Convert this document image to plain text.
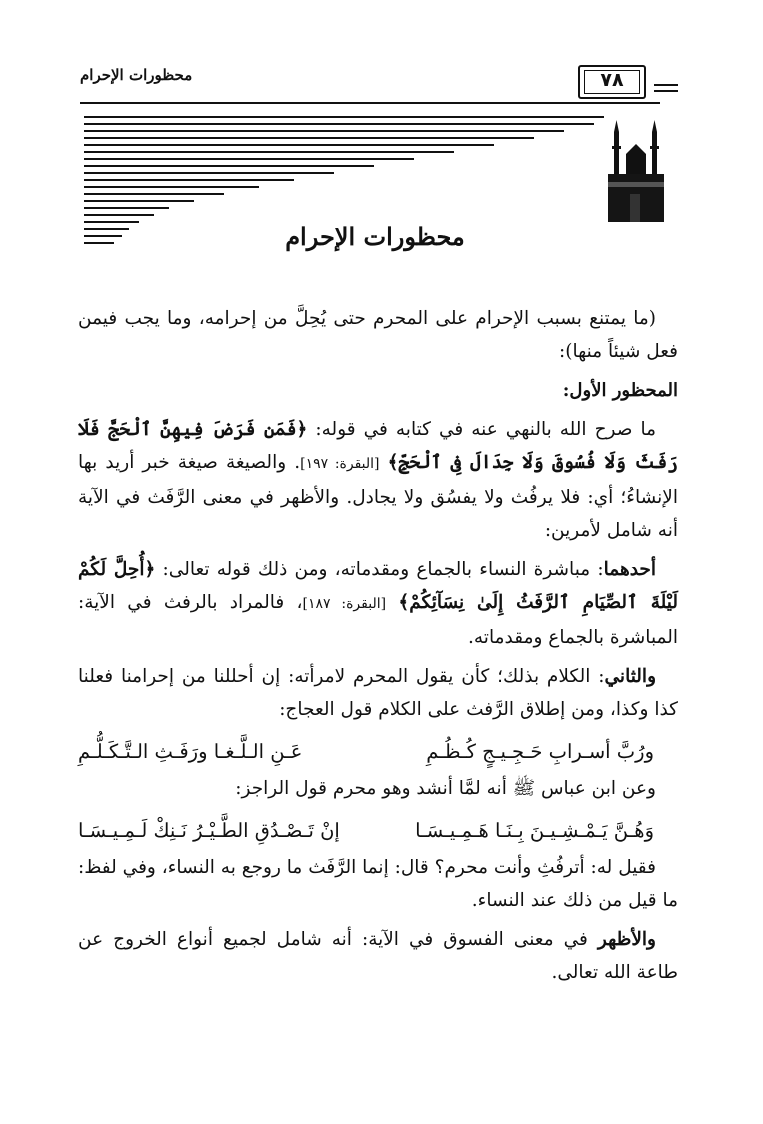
محظورات الإحرام	٧٨
محظورات الإحرام

(ما يمتنع بسبب الإحرام على المحرم حتى يُحِلَّ من إحرامه، وما يجب فيمن فعل شيئاً منها):

المحظور الأول:

ما صرح الله بالنهي عنه في كتابه في قوله: ﴿فَمَن فَرَضَ فِيهِنَّ ٱلْحَجَّ فَلَا رَفَثَ وَلَا فُسُوقَ وَلَا جِدَالَ فِى ٱلْحَجِّ﴾ [البقرة: ١٩٧]. والصيغة صيغة خبر أريد بها الإنشاءُ؛ أي: فلا يرفُث ولا يفسُق ولا يجادل. والأظهر في معنى الرَّفَث في الآية أنه شامل لأمرين:

أحدهما: مباشرة النساء بالجماع ومقدماته، ومن ذلك قوله تعالى: ﴿أُحِلَّ لَكُمْ لَيْلَةَ ٱلصِّيَامِ ٱلرَّفَثُ إِلَىٰ نِسَآئِكُمْ﴾ [البقرة: ١٨٧]، فالمراد بالرفث في الآية: المباشرة بالجماع ومقدماته.

والثاني: الكلام بذلك؛ كأن يقول المحرم لامرأته: إن أحللنا من إحرامنا فعلنا كذا وكذا، ومن إطلاق الرَّفث على الكلام قول العجاج:

ورُبَّ أسـرابِ حَـجِـيـجٍ كُـظُـمِ
عَـنِ الـلَّـغـا ورَفَـثِ الـتَّـكَـلُّـمِ

وعن ابن عباس ﷺ أنه لمَّا أنشد وهو محرم قول الراجز:

وَهُـنَّ يَـمْـشِـيـنَ بِـنَـا هَـمِـيـسَـا
إنْ تَـصْـدُقِ الطَّـيْـرُ نَـنِكْ لَـمِـيـسَـا

فقيل له: أترفُثِ وأنت محرم؟ قال: إنما الرَّفَث ما روجع به النساء، وفي لفظ: ما قيل من ذلك عند النساء.

والأظهر في معنى الفسوق في الآية: أنه شامل لجميع أنواع الخروج عن طاعة الله تعالى.
